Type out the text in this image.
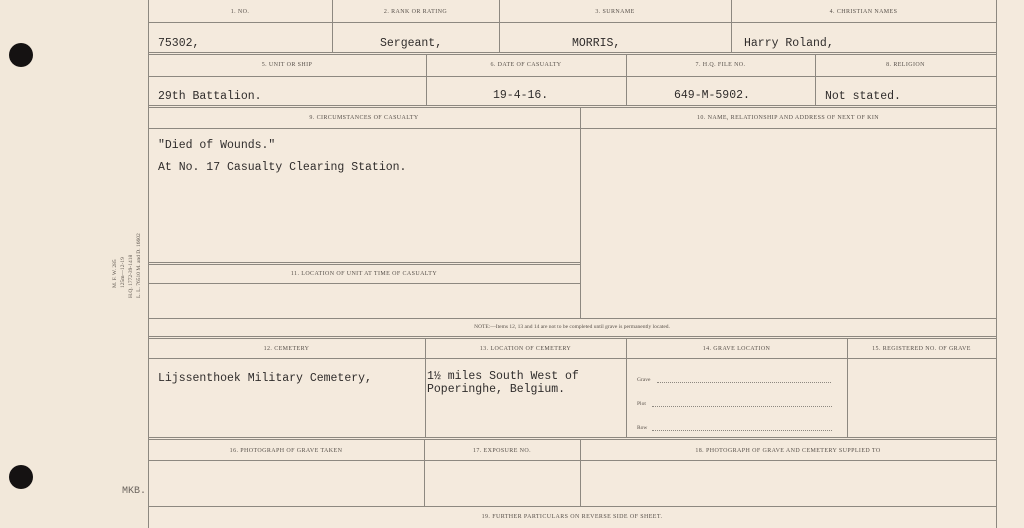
M. F. W. 285 125m—12-19 H.Q. 1772-39-1418 L. L. 76510 M. and D. 16602
MKB.
1. NO.	2. RANK OR RATING	3. SURNAME	4. CHRISTIAN NAMES
75302,	Sergeant,	MORRIS,	Harry Roland,
5. UNIT OR SHIP	6. DATE OF CASUALTY	7. H.Q. FILE NO.	8. RELIGION
29th Battalion.	19-4-16.	649-M-5902.	Not stated.
9. CIRCUMSTANCES OF CASUALTY	10. NAME, RELATIONSHIP AND ADDRESS OF NEXT OF KIN
"Died of Wounds."
At No. 17 Casualty Clearing Station.
11. LOCATION OF UNIT AT TIME OF CASUALTY
NOTE:—Items 12, 13 and 14 are not to be completed until grave is permanently located.
12. CEMETERY	13. LOCATION OF CEMETERY	14. GRAVE LOCATION	15. REGISTERED NO. OF GRAVE
Lijssenthoek Military Cemetery,	1½ miles South West of
Poperinghe, Belgium.
Grave
Plot
Row
16. PHOTOGRAPH OF GRAVE TAKEN	17. EXPOSURE NO.	18. PHOTOGRAPH OF GRAVE AND CEMETERY SUPPLIED TO
19. FURTHER PARTICULARS ON REVERSE SIDE OF SHEET.
